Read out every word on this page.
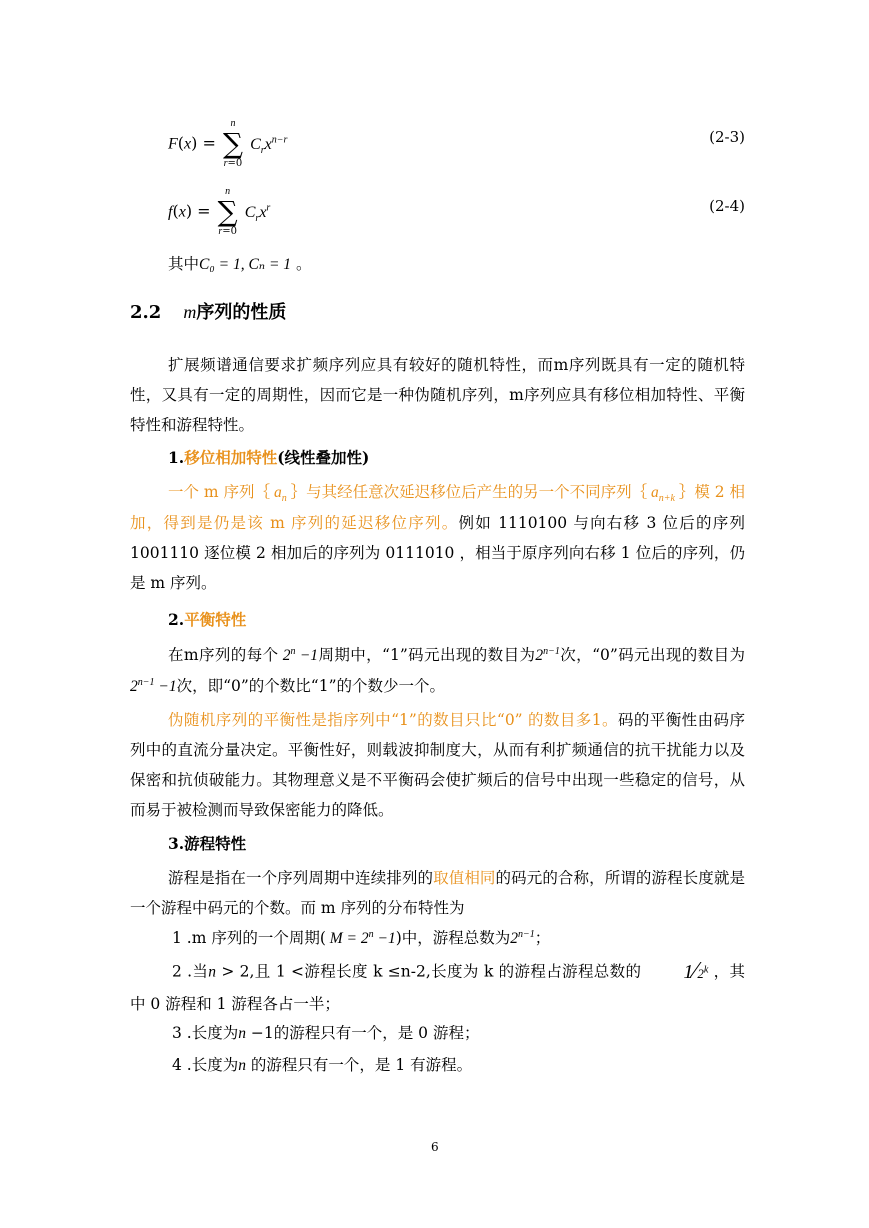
F(x) = n
∑
r=0 $C_rx^{n-r}$	(2-3)
f(x) = n
∑
r=0 $C_rx^r$	(2-4)
其中C₀ = 1, Cₙ = 1 。
2.2 m序列的性质
扩展频谱通信要求扩频序列应具有较好的随机特性，而m序列既具有一定的随机特性，又具有一定的周期性，因而它是一种伪随机序列，m序列应具有移位相加特性、平衡特性和游程特性。
1.移位相加特性(线性叠加性)
一个 m 序列｛ $a_n$ ｝与其经任意次延迟移位后产生的另一个不同序列｛ $a_{n+k}$ ｝模 2 相加，得到是仍是该 m 序列的延迟移位序列。例如 1110100 与向右移 3 位后的序列 1001110 逐位模 2 相加后的序列为 0111010 ，相当于原序列向右移 1 位后的序列，仍是 m 序列。
2.平衡特性
在m序列的每个 $2^n -1$周期中，“1”码元出现的数目为$2^{n-1}$次，“0”码元出现的数目为$2^{n-1} -1$次，即“0”的个数比“1”的个数少一个。
伪随机序列的平衡性是指序列中“1”的数目只比“0” 的数目多1。码的平衡性由码序列中的直流分量决定。平衡性好，则载波抑制度大，从而有利扩频通信的抗干扰能力以及保密和抗侦破能力。其物理意义是不平衡码会使扩频后的信号中出现一些稳定的信号，从而易于被检测而导致保密能力的降低。
3.游程特性
游程是指在一个序列周期中连续排列的取值相同的码元的合称，所谓的游程长度就是一个游程中码元的个数。而 m 序列的分布特性为
1 .m 序列的一个周期( $M = 2^n -1$)中，游程总数为$2^{n-1}$；
2 .当n > 2,且 1 <游程长度 k ≤n-2,长度为 k 的游程占游程总数的 1⁄2$^k$ ，其中 0 游程和 1 游程各占一半；
3 .长度为n −1的游程只有一个，是 0 游程；
4 .长度为n 的游程只有一个，是 1 有游程。
6
